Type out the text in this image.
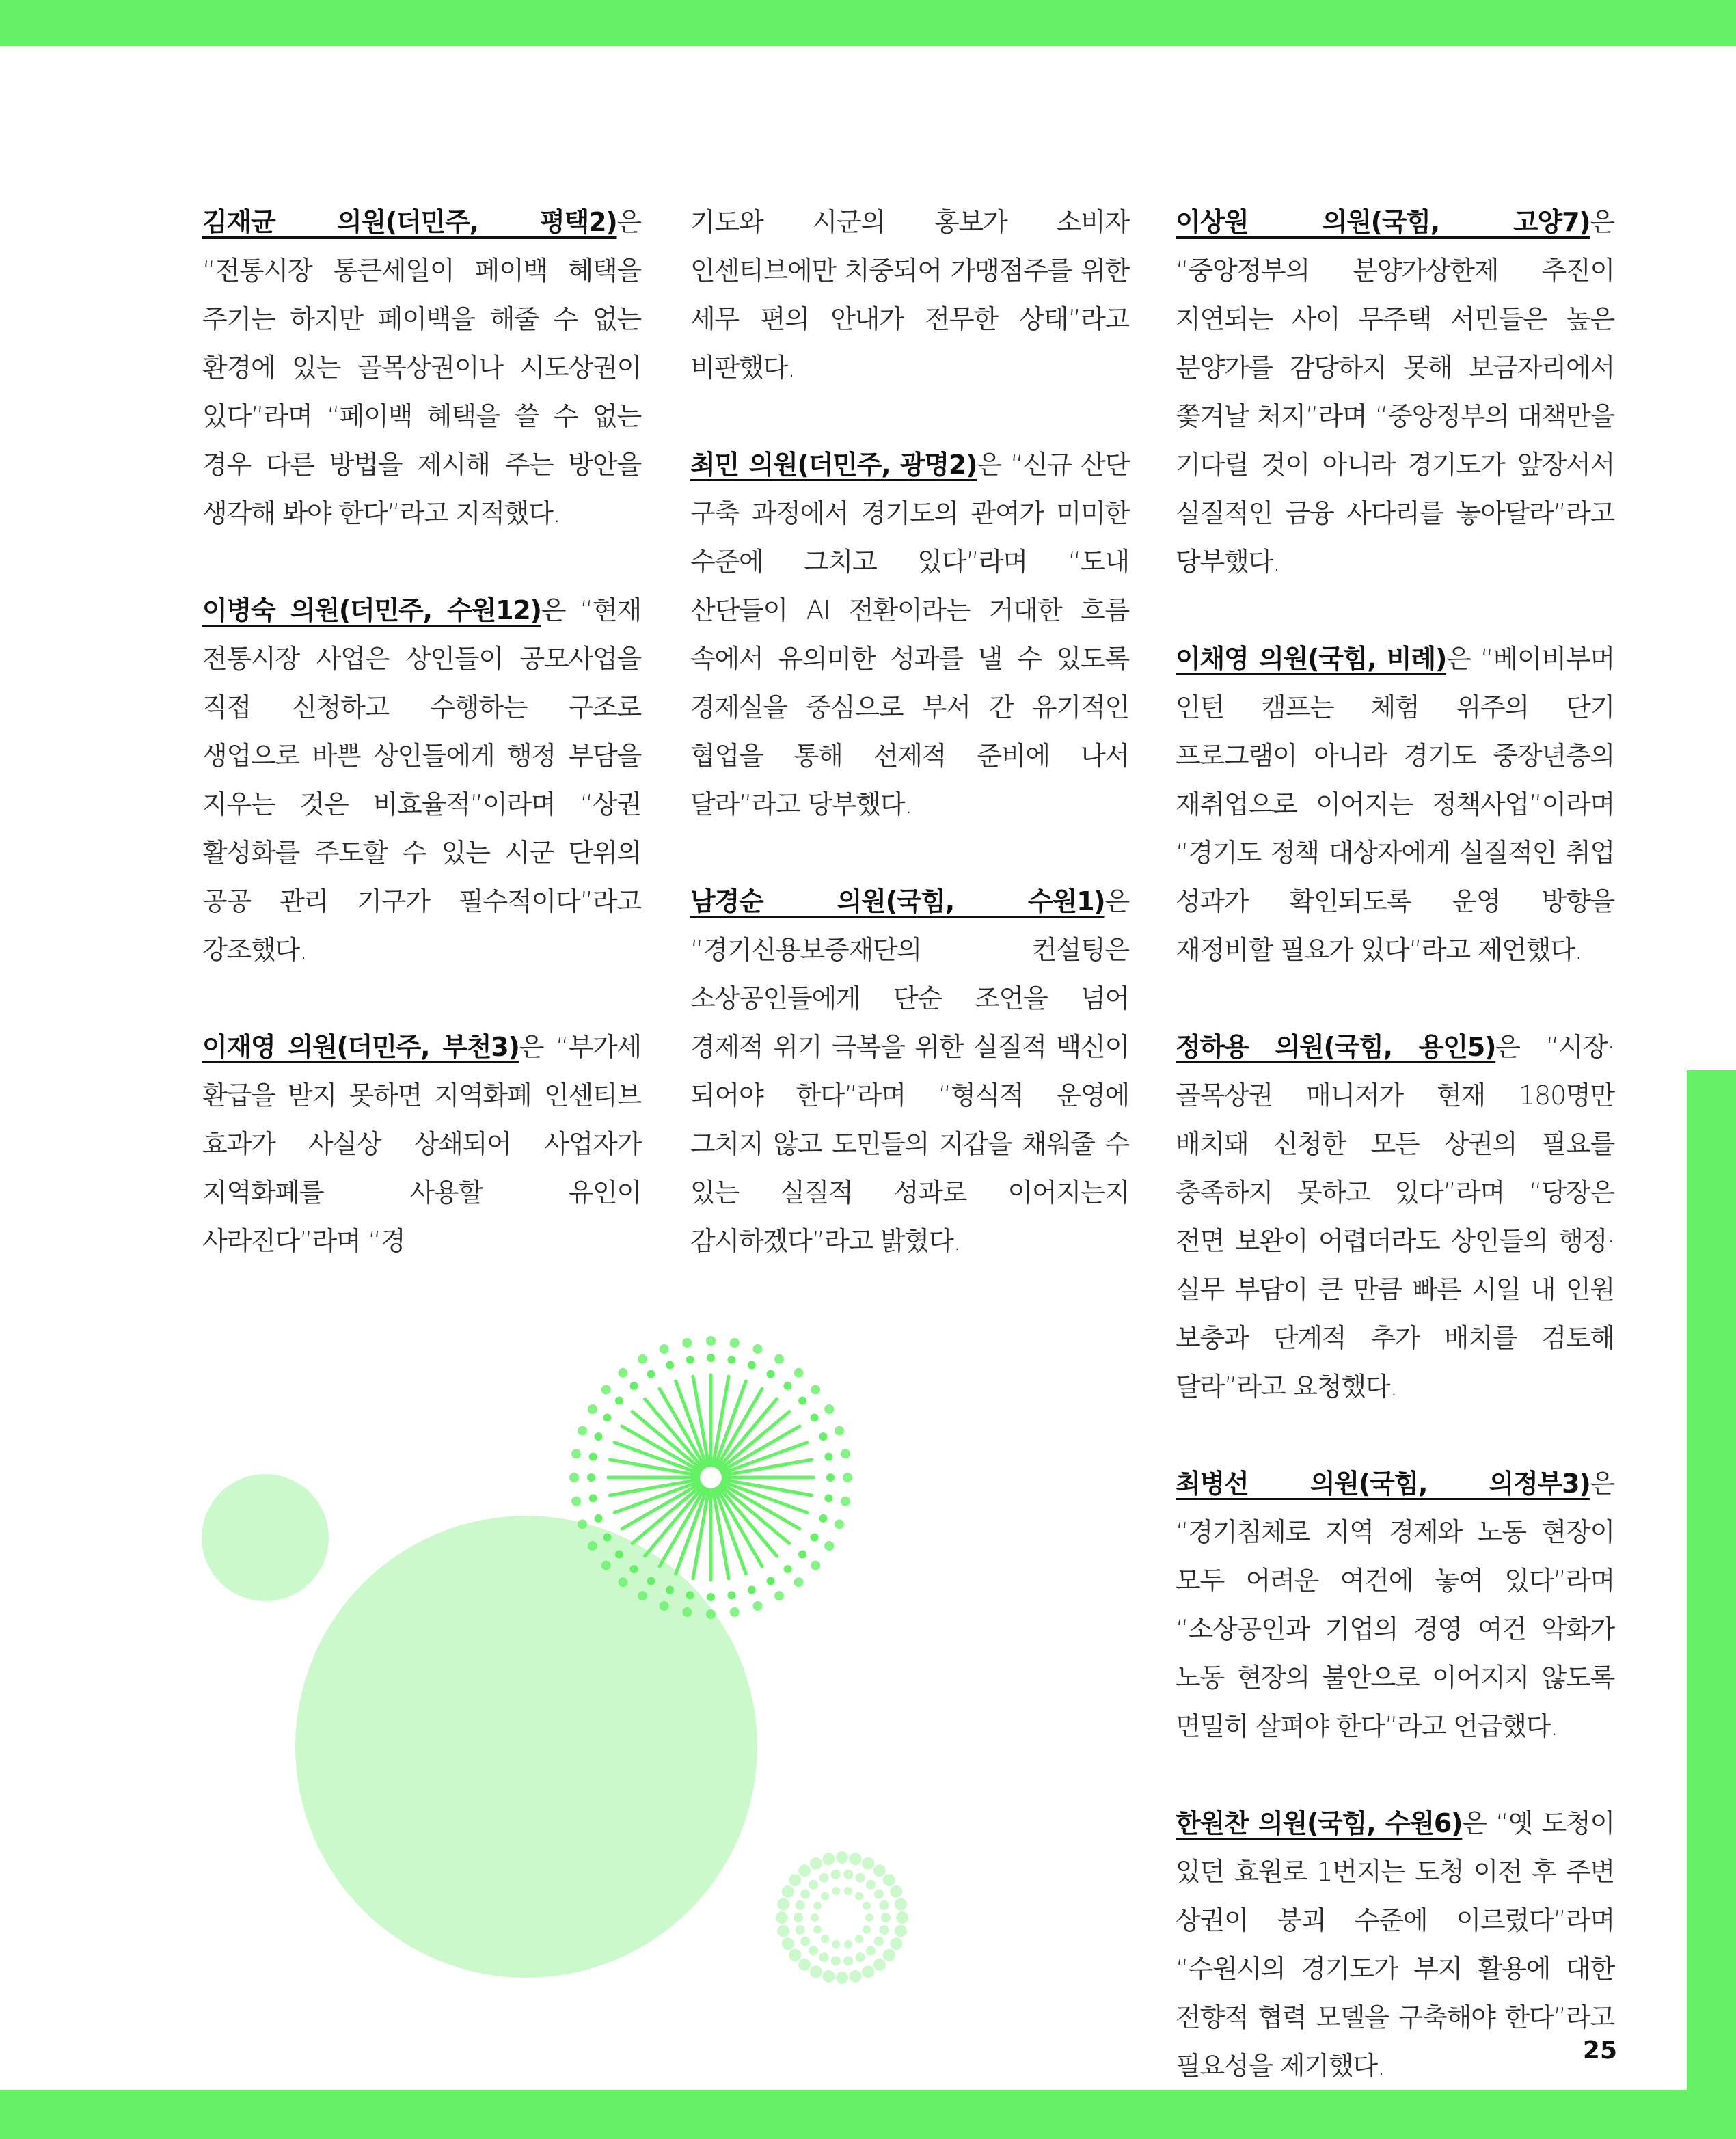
김재균 의원(더민주, 평택2)은 “전통시장 통큰세일이 페이백 혜택을 주기는 하지만 페이백을 해줄 수 없는 환경에 있는 골목상권이나 시도상권이 있다”라며 “페이백 혜택을 쓸 수 없는 경우 다른 방법을 제시해 주는 방안을 생각해 봐야 한다”라고 지적했다.

이병숙 의원(더민주, 수원12)은 “현재 전통시장 사업은 상인들이 공모사업을 직접 신청하고 수행하는 구조로 생업으로 바쁜 상인들에게 행정 부담을 지우는 것은 비효율적”이라며 “상권 활성화를 주도할 수 있는 시군 단위의 공공 관리 기구가 필수적이다”라고 강조했다.

이재영 의원(더민주, 부천3)은 “부가세 환급을 받지 못하면 지역화폐 인센티브 효과가 사실상 상쇄되어 사업자가 지역화폐를 사용할 유인이 사라진다”라며 “경

기도와 시군의 홍보가 소비자 인센티브에만 치중되어 가맹점주를 위한 세무 편의 안내가 전무한 상태”라고 비판했다.

최민 의원(더민주, 광명2)은 “신규 산단 구축 과정에서 경기도의 관여가 미미한 수준에 그치고 있다”라며 “도내 산단들이 AI 전환이라는 거대한 흐름 속에서 유의미한 성과를 낼 수 있도록 경제실을 중심으로 부서 간 유기적인 협업을 통해 선제적 준비에 나서 달라”라고 당부했다.

남경순 의원(국힘, 수원1)은 “경기신용보증재단의 컨설팅은 소상공인들에게 단순 조언을 넘어 경제적 위기 극복을 위한 실질적 백신이 되어야 한다”라며 “형식적 운영에 그치지 않고 도민들의 지갑을 채워줄 수 있는 실질적 성과로 이어지는지 감시하겠다”라고 밝혔다.

이상원 의원(국힘, 고양7)은 “중앙정부의 분양가상한제 추진이 지연되는 사이 무주택 서민들은 높은 분양가를 감당하지 못해 보금자리에서 쫓겨날 처지”라며 “중앙정부의 대책만을 기다릴 것이 아니라 경기도가 앞장서서 실질적인 금융 사다리를 놓아달라”라고 당부했다.

이채영 의원(국힘, 비례)은 “베이비부머 인턴 캠프는 체험 위주의 단기 프로그램이 아니라 경기도 중장년층의 재취업으로 이어지는 정책사업”이라며 “경기도 정책 대상자에게 실질적인 취업 성과가 확인되도록 운영 방향을 재정비할 필요가 있다”라고 제언했다.

정하용 의원(국힘, 용인5)은 “시장·골목상권 매니저가 현재 180명만 배치돼 신청한 모든 상권의 필요를 충족하지 못하고 있다”라며 “당장은 전면 보완이 어렵더라도 상인들의 행정·실무 부담이 큰 만큼 빠른 시일 내 인원 보충과 단계적 추가 배치를 검토해 달라”라고 요청했다.

최병선 의원(국힘, 의정부3)은 “경기침체로 지역 경제와 노동 현장이 모두 어려운 여건에 놓여 있다”라며 “소상공인과 기업의 경영 여건 악화가 노동 현장의 불안으로 이어지지 않도록 면밀히 살펴야 한다”라고 언급했다.

한원찬 의원(국힘, 수원6)은 “옛 도청이 있던 효원로 1번지는 도청 이전 후 주변 상권이 붕괴 수준에 이르렀다”라며 “수원시의 경기도가 부지 활용에 대한 전향적 협력 모델을 구축해야 한다”라고 필요성을 제기했다.

25
